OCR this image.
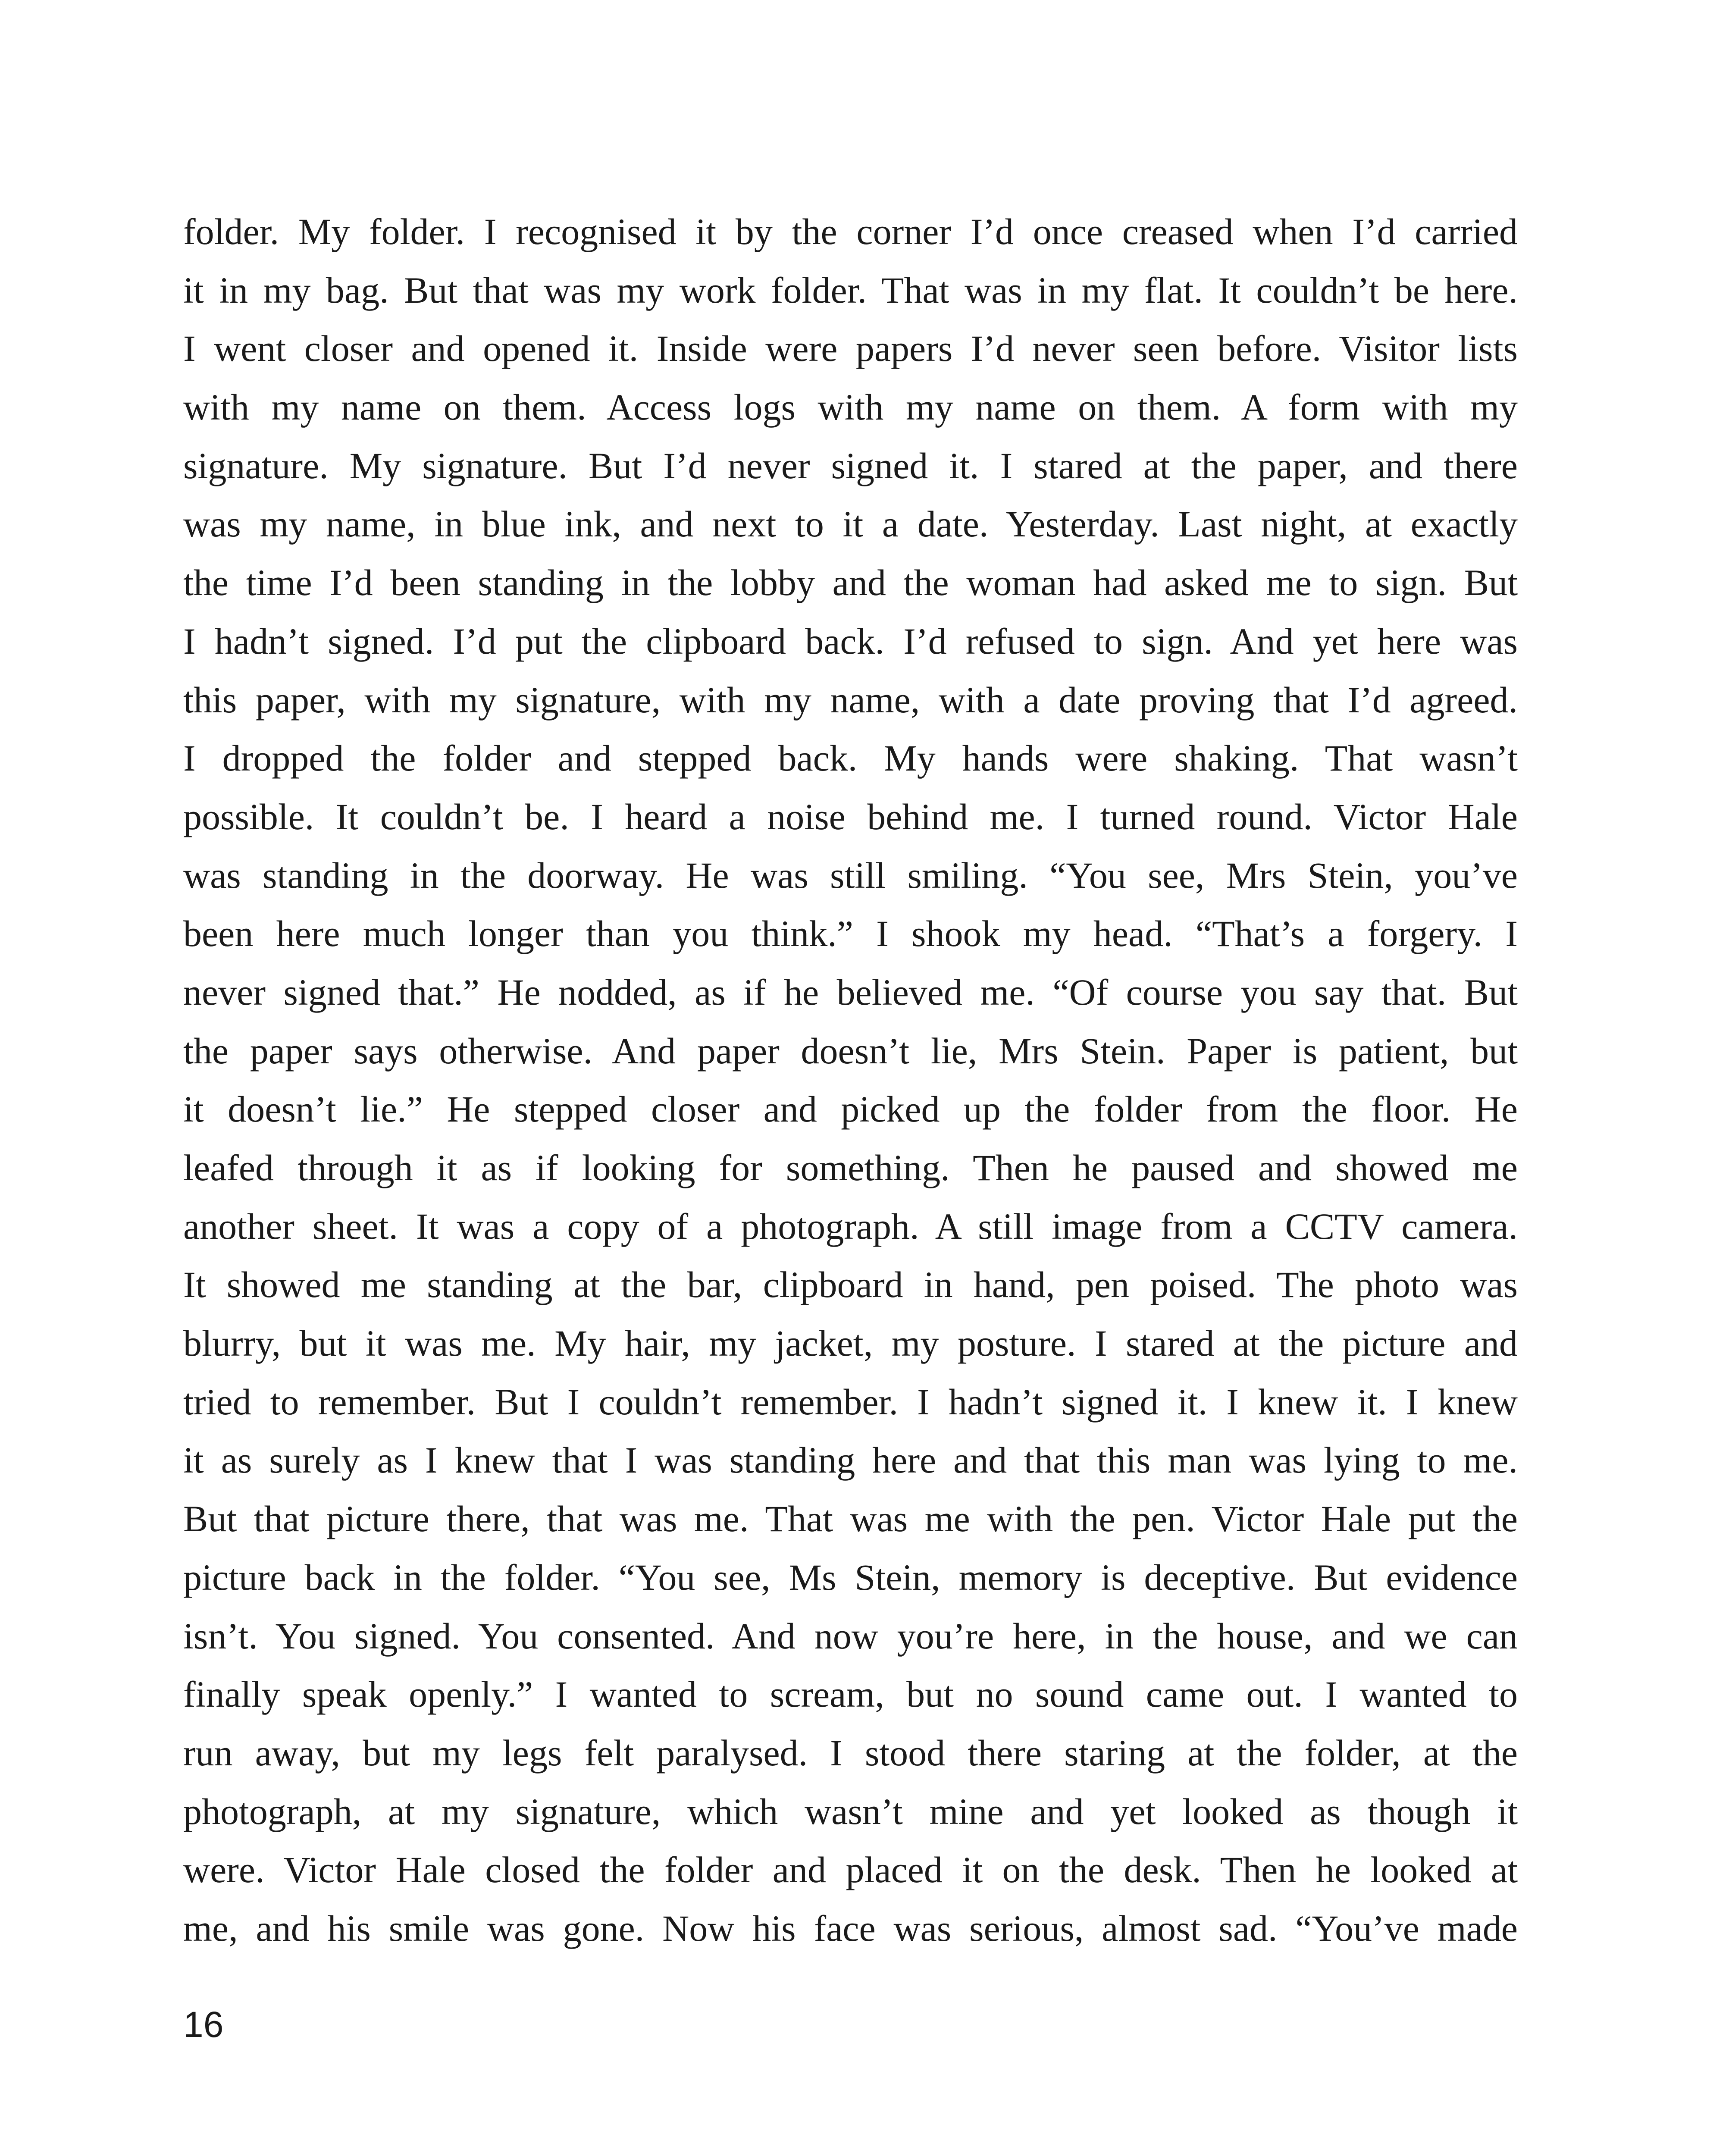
folder. My folder. I recognised it by the corner I’d once creased when I’d carried
it in my bag. But that was my work folder. That was in my flat. It couldn’t be here.
I went closer and opened it. Inside were papers I’d never seen before. Visitor lists
with my name on them. Access logs with my name on them. A form with my
signature. My signature. But I’d never signed it. I stared at the paper, and there
was my name, in blue ink, and next to it a date. Yesterday. Last night, at exactly
the time I’d been standing in the lobby and the woman had asked me to sign. But
I hadn’t signed. I’d put the clipboard back. I’d refused to sign. And yet here was
this paper, with my signature, with my name, with a date proving that I’d agreed.
I dropped the folder and stepped back. My hands were shaking. That wasn’t
possible. It couldn’t be. I heard a noise behind me. I turned round. Victor Hale
was standing in the doorway. He was still smiling. “You see, Mrs Stein, you’ve
been here much longer than you think.” I shook my head. “That’s a forgery. I
never signed that.” He nodded, as if he believed me. “Of course you say that. But
the paper says otherwise. And paper doesn’t lie, Mrs Stein. Paper is patient, but
it doesn’t lie.” He stepped closer and picked up the folder from the floor. He
leafed through it as if looking for something. Then he paused and showed me
another sheet. It was a copy of a photograph. A still image from a CCTV camera.
It showed me standing at the bar, clipboard in hand, pen poised. The photo was
blurry, but it was me. My hair, my jacket, my posture. I stared at the picture and
tried to remember. But I couldn’t remember. I hadn’t signed it. I knew it. I knew
it as surely as I knew that I was standing here and that this man was lying to me.
But that picture there, that was me. That was me with the pen. Victor Hale put the
picture back in the folder. “You see, Ms Stein, memory is deceptive. But evidence
isn’t. You signed. You consented. And now you’re here, in the house, and we can
finally speak openly.” I wanted to scream, but no sound came out. I wanted to
run away, but my legs felt paralysed. I stood there staring at the folder, at the
photograph, at my signature, which wasn’t mine and yet looked as though it
were. Victor Hale closed the folder and placed it on the desk. Then he looked at
me, and his smile was gone. Now his face was serious, almost sad. “You’ve made
16
